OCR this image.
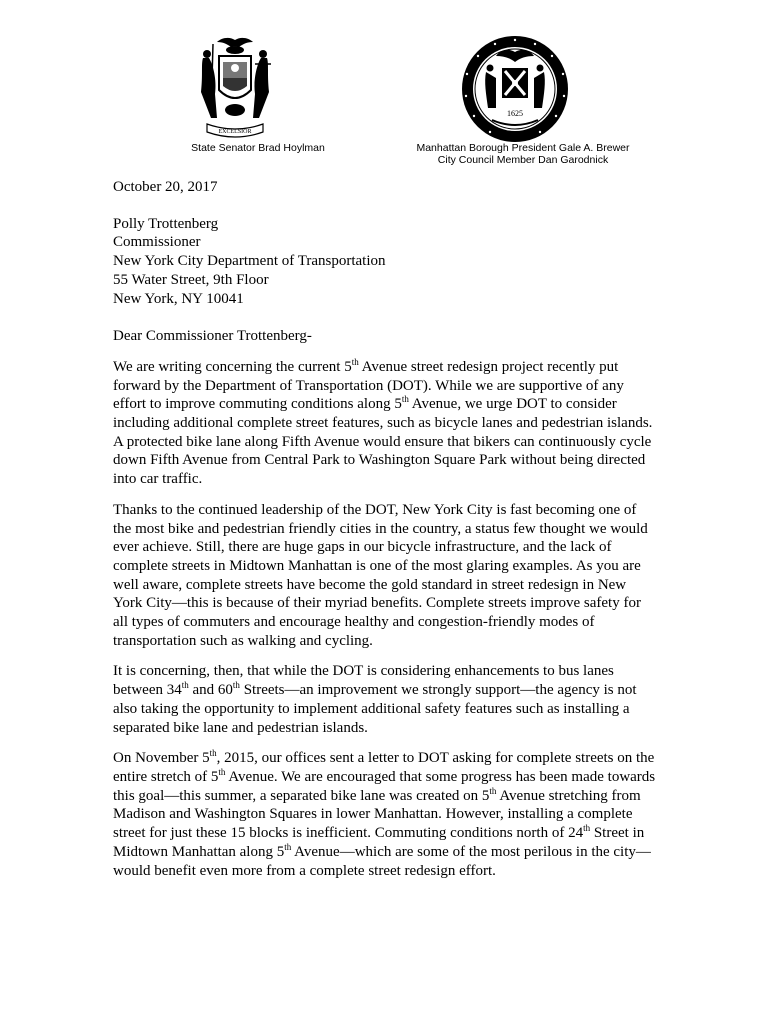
EXCELSIOR
1625
State Senator Brad Hoylman	Manhattan Borough President Gale A. Brewer
City Council Member Dan Garodnick

October 20, 2017

Polly Trottenberg

Commissioner

New York City Department of Transportation

55 Water Street, 9th Floor

New York, NY 10041

Dear Commissioner Trottenberg-

We are writing concerning the current 5th Avenue street redesign project recently put forward by the Department of Transportation (DOT). While we are supportive of any effort to improve commuting conditions along 5th Avenue, we urge DOT to consider including additional complete street features, such as bicycle lanes and pedestrian islands. A protected bike lane along Fifth Avenue would ensure that bikers can continuously cycle down Fifth Avenue from Central Park to Washington Square Park without being directed into car traffic.

Thanks to the continued leadership of the DOT, New York City is fast becoming one of the most bike and pedestrian friendly cities in the country, a status few thought we would ever achieve. Still, there are huge gaps in our bicycle infrastructure, and the lack of complete streets in Midtown Manhattan is one of the most glaring examples. As you are well aware, complete streets have become the gold standard in street redesign in New York City—this is because of their myriad benefits. Complete streets improve safety for all types of commuters and encourage healthy and congestion-friendly modes of transportation such as walking and cycling.

It is concerning, then, that while the DOT is considering enhancements to bus lanes between 34th and 60th Streets—an improvement we strongly support—the agency is not also taking the opportunity to implement additional safety features such as installing a separated bike lane and pedestrian islands.

On November 5th, 2015, our offices sent a letter to DOT asking for complete streets on the entire stretch of 5th Avenue. We are encouraged that some progress has been made towards this goal—this summer, a separated bike lane was created on 5th Avenue stretching from Madison and Washington Squares in lower Manhattan. However, installing a complete street for just these 15 blocks is inefficient. Commuting conditions north of 24th Street in Midtown Manhattan along 5th Avenue—which are some of the most perilous in the city—would benefit even more from a complete street redesign effort.
